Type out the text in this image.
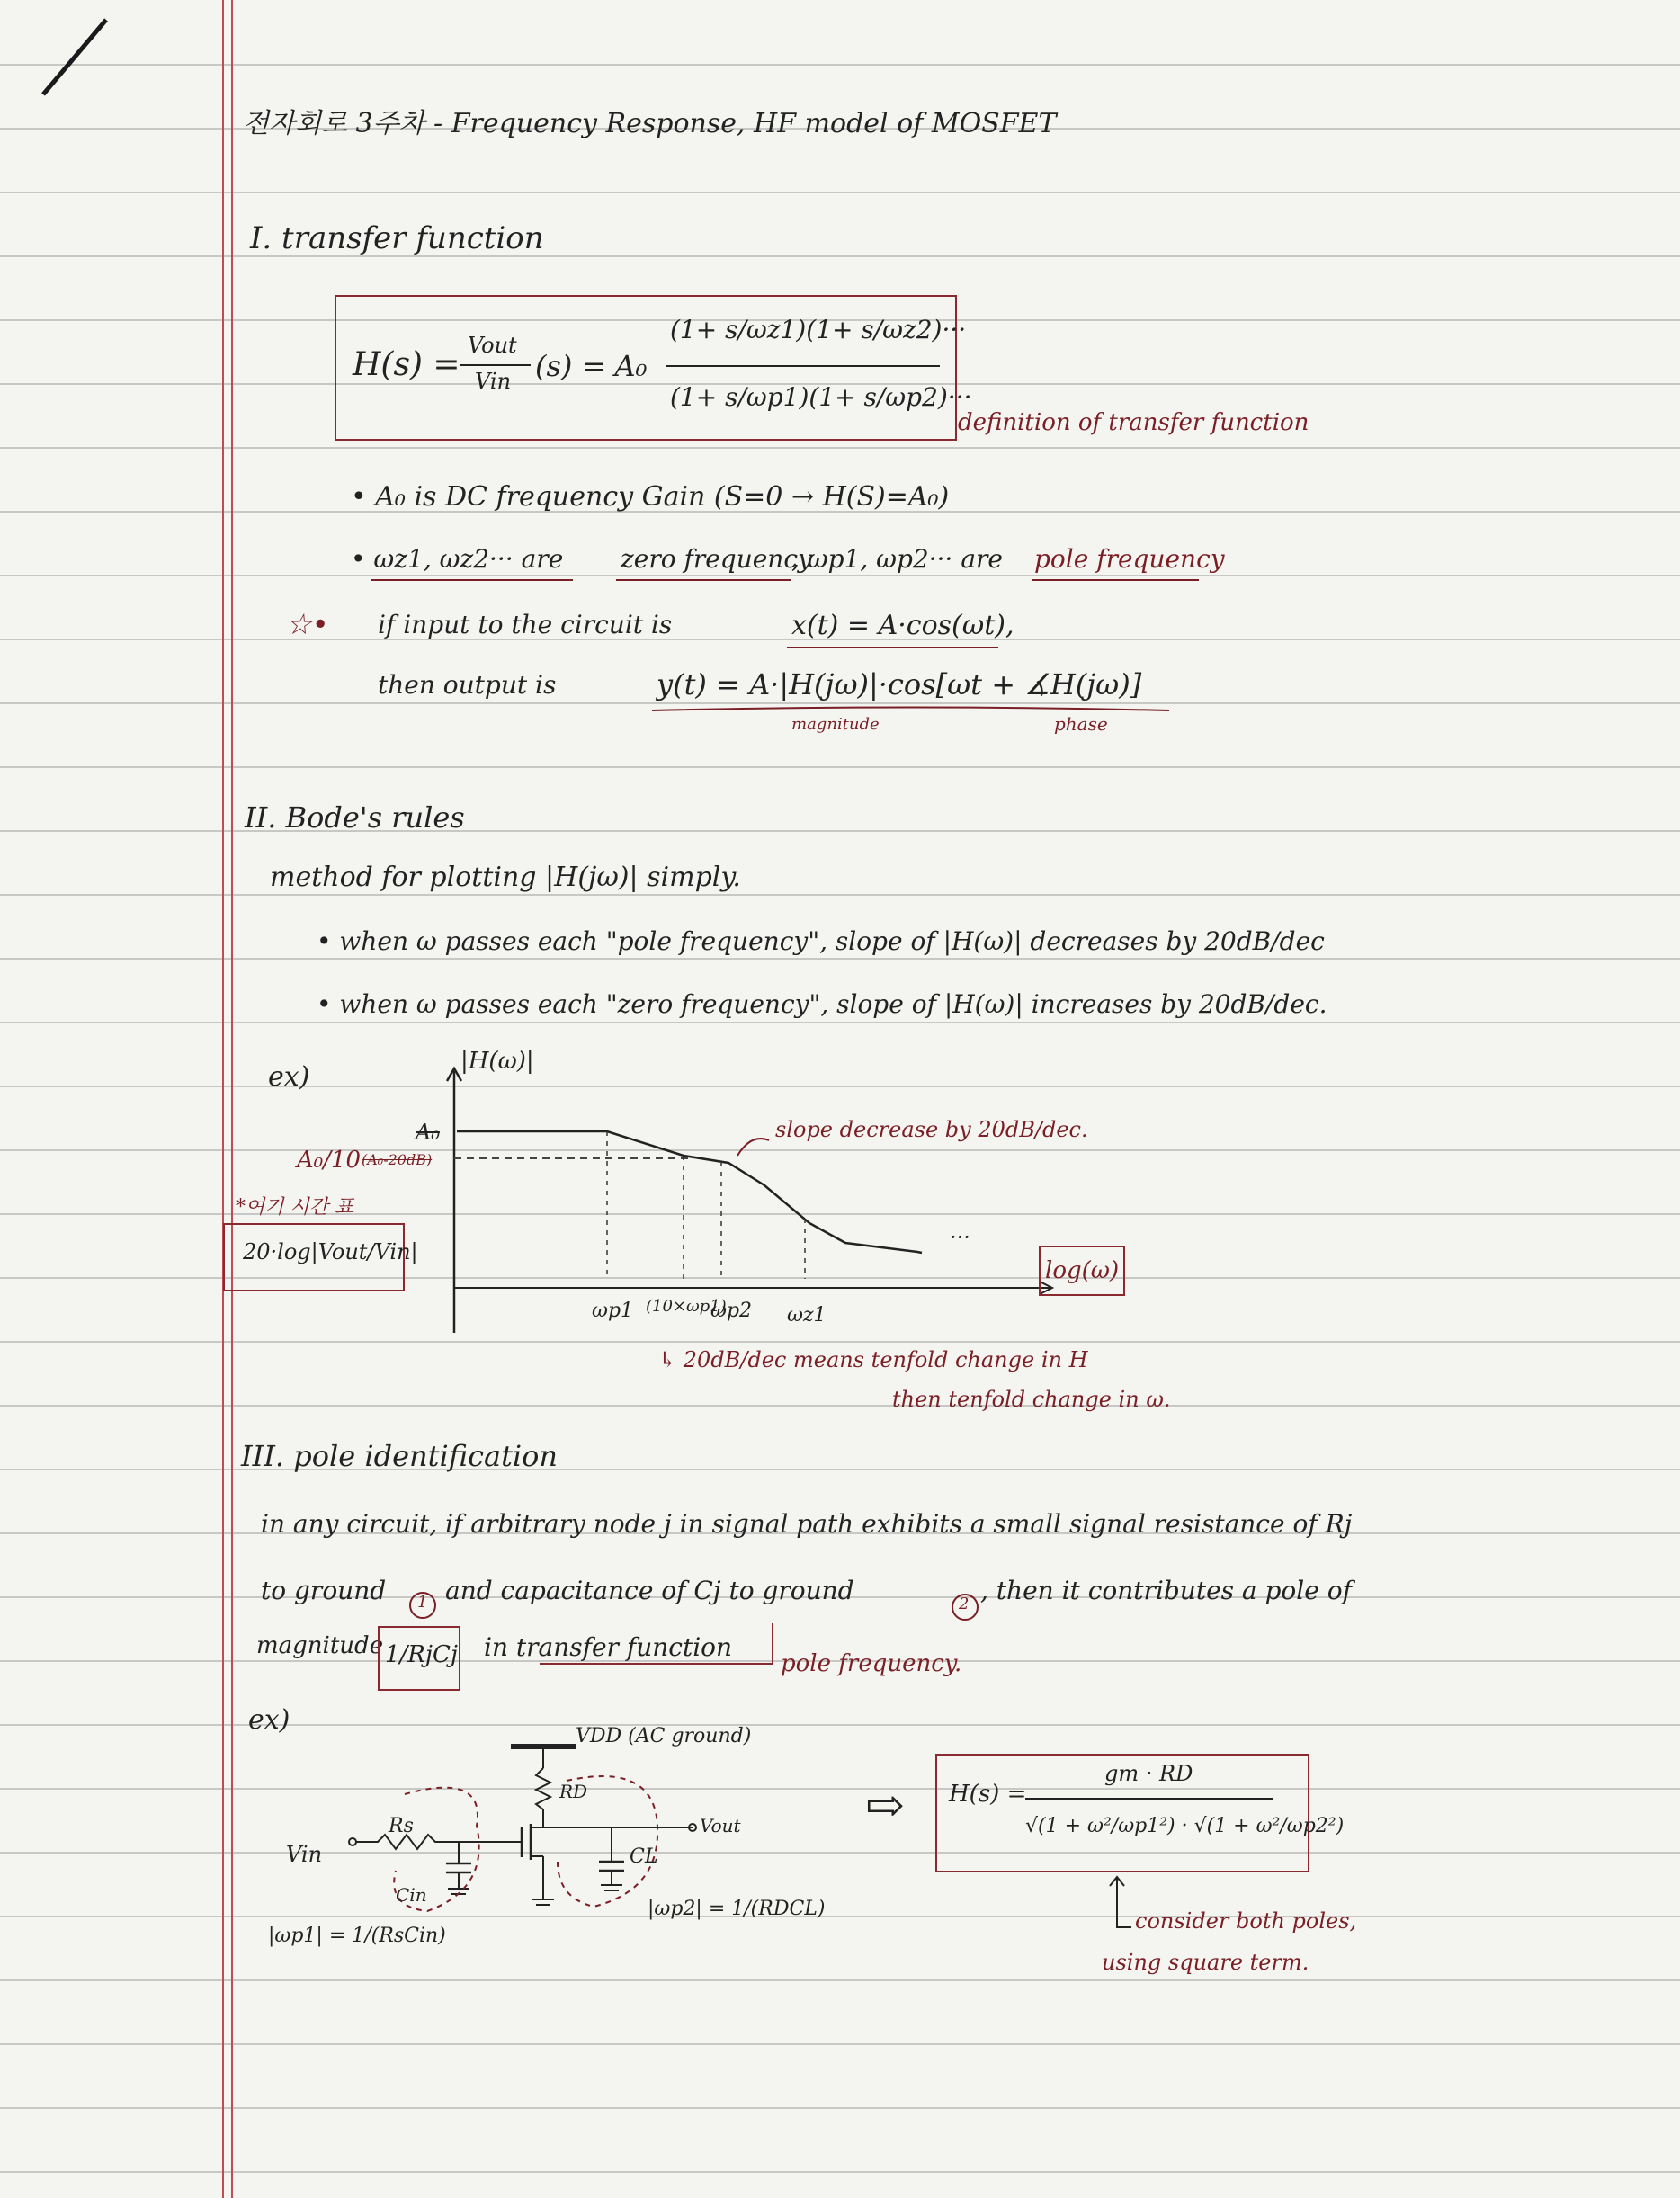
전자회로 3주차 - Frequency Response, HF model of MOSFET
I. transfer function
H(s) =
Vout
Vin (s) = A₀
(1+ s/ωz1)(1+ s/ωz2)···
(1+ s/ωp1)(1+ s/ωp2)···
definition of transfer function
• A₀ is DC frequency Gain (S=0 → H(S)=A₀)
• ωz1, ωz2··· are zero frequency
, ωp1, ωp2··· are pole frequency
☆• if input to the circuit is	x(t) = A·cos(ωt),
then output is	y(t) = A·|H(jω)|·cos[ωt + ∡H(jω)]
magnitude	phase
II. Bode's rules
method for plotting |H(jω)| simply.
• when ω passes each "pole frequency", slope of |H(ω)| decreases by 20dB/dec
• when ω passes each "zero frequency", slope of |H(ω)| increases by 20dB/dec.
ex)	|H(ω)|
A₀
A₀/10 (A₀-20dB)
*여기 시간 표
20·log|Vout/Vin|
slope decrease by 20dB/dec.
···
log(ω)
ωp1 (10×ωp1)
ωp2 ωz1
↳ 20dB/dec means tenfold change in H
then tenfold change in ω.
III. pole identification
in any circuit, if arbitrary node j in signal path exhibits a small signal resistance of Rj
to ground 1 and capacitance of Cj to ground	2 , then it contributes a pole of
magnitude 1/RjCj in transfer function
pole frequency.
ex)
VDD (AC ground)
RD
Rs
Vin
Cin
CL
Vout
|ωp1| = 1/(RsCin)
|ωp2| = 1/(RDCL)
⇨ H(s) =
gm · RD
√(1 + ω²/ωp1²) · √(1 + ω²/ωp2²)
consider both poles,
using square term.
